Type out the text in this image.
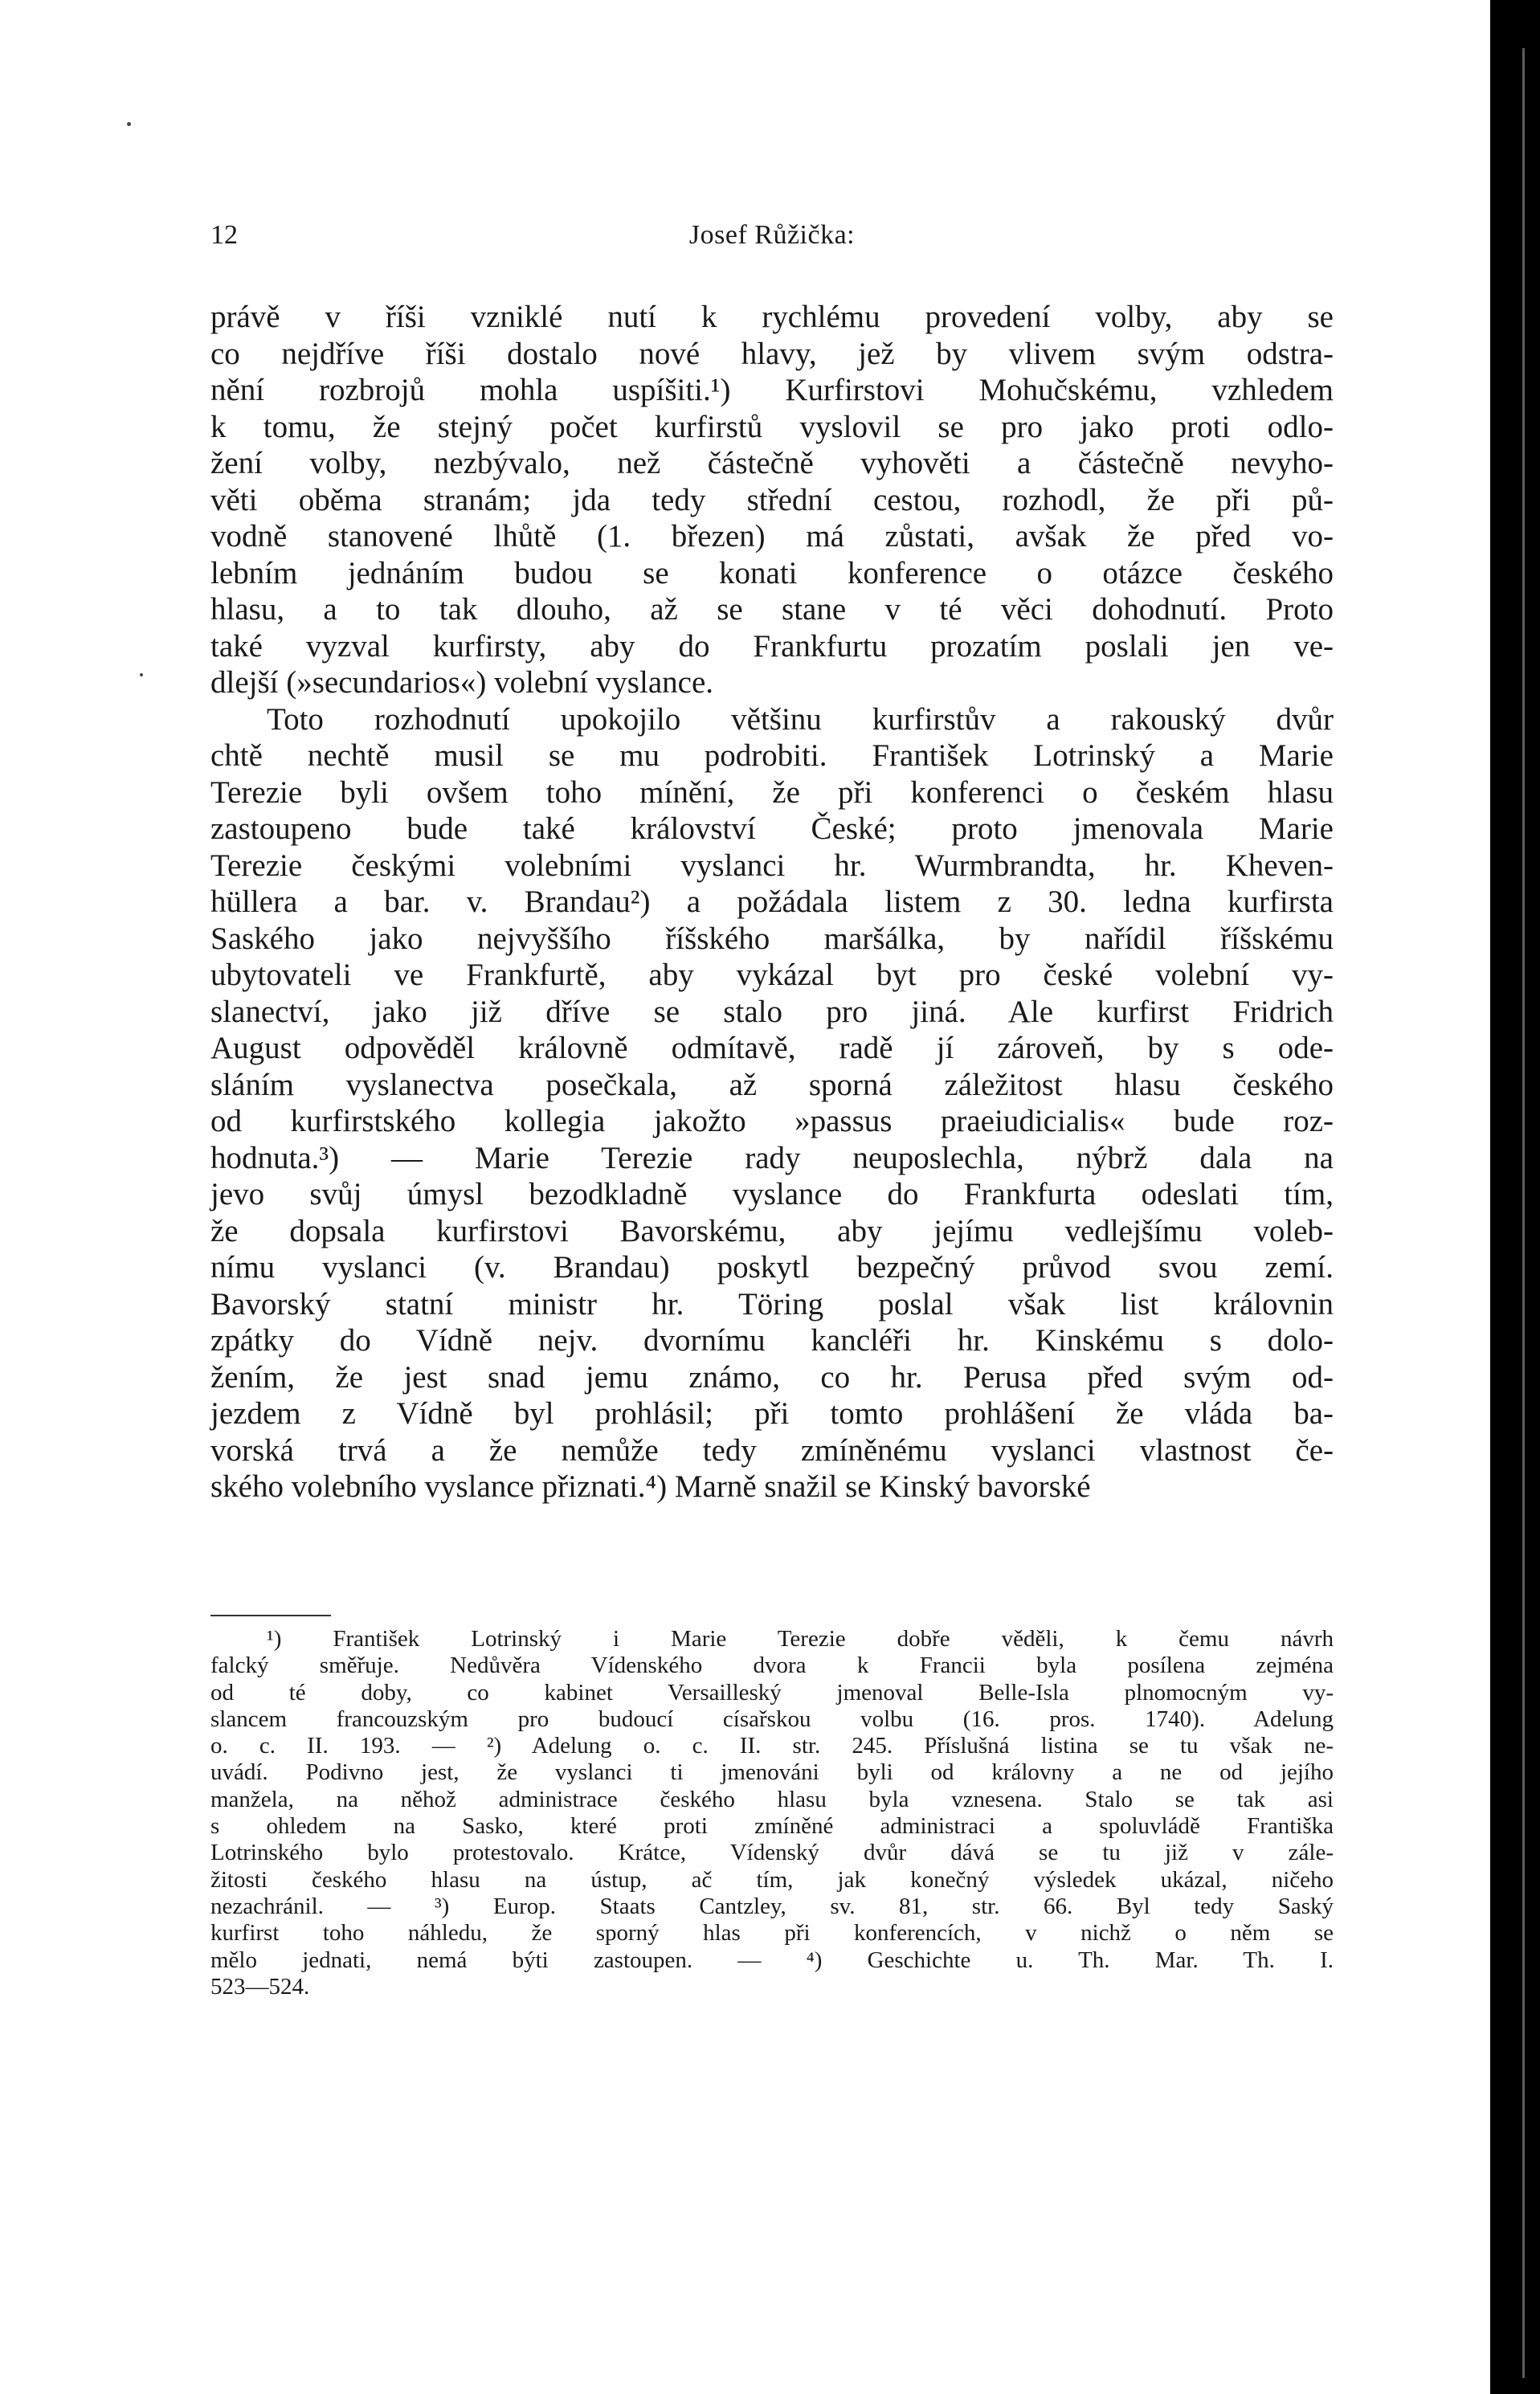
12	Josef Růžička:
právě v říši vzniklé nutí k rychlému provedení volby, aby se
co nejdříve říši dostalo nové hlavy, jež by vlivem svým odstra-
nění rozbrojů mohla uspíšiti.¹) Kurfirstovi Mohučskému, vzhledem
k tomu, že stejný počet kurfirstů vyslovil se pro jako proti odlo-
žení volby, nezbývalo, než částečně vyhověti a částečně nevyho-
věti oběma stranám; jda tedy střední cestou, rozhodl, že při pů-
vodně stanovené lhůtě (1. březen) má zůstati, avšak že před vo-
lebním jednáním budou se konati konference o otázce českého
hlasu, a to tak dlouho, až se stane v té věci dohodnutí. Proto
také vyzval kurfirsty, aby do Frankfurtu prozatím poslali jen ve-
dlejší (»secundarios«) volební vyslance.
Toto rozhodnutí upokojilo většinu kurfirstův a rakouský dvůr
chtě nechtě musil se mu podrobiti. František Lotrinský a Marie
Terezie byli ovšem toho mínění, že při konferenci o českém hlasu
zastoupeno bude také království České; proto jmenovala Marie
Terezie českými volebními vyslanci hr. Wurmbrandta, hr. Kheven-
hüllera a bar. v. Brandau²) a požádala listem z 30. ledna kurfirsta
Saského jako nejvyššího říšského maršálka, by nařídil říšskému
ubytovateli ve Frankfurtě, aby vykázal byt pro české volební vy-
slanectví, jako již dříve se stalo pro jiná. Ale kurfirst Fridrich
August odpověděl královně odmítavě, radě jí zároveň, by s ode-
sláním vyslanectva posečkala, až sporná záležitost hlasu českého
od kurfirstského kollegia jakožto »passus praeiudicialis« bude roz-
hodnuta.³) — Marie Terezie rady neuposlechla, nýbrž dala na
jevo svůj úmysl bezodkladně vyslance do Frankfurta odeslati tím,
že dopsala kurfirstovi Bavorskému, aby jejímu vedlejšímu voleb-
nímu vyslanci (v. Brandau) poskytl bezpečný průvod svou zemí.
Bavorský statní ministr hr. Töring poslal však list královnin
zpátky do Vídně nejv. dvornímu kancléři hr. Kinskému s dolo-
žením, že jest snad jemu známo, co hr. Perusa před svým od-
jezdem z Vídně byl prohlásil; při tomto prohlášení že vláda ba-
vorská trvá a že nemůže tedy zmíněnému vyslanci vlastnost če-
ského volebního vyslance přiznati.⁴) Marně snažil se Kinský bavorské
¹) František Lotrinský i Marie Terezie dobře věděli, k čemu návrh
falcký směřuje. Nedůvěra Vídenského dvora k Francii byla posílena zejména
od té doby, co kabinet Versailleský jmenoval Belle-Isla plnomocným vy-
slancem francouzským pro budoucí císařskou volbu (16. pros. 1740). Adelung
o. c. II. 193. — ²) Adelung o. c. II. str. 245. Příslušná listina se tu však ne-
uvádí. Podivno jest, že vyslanci ti jmenováni byli od královny a ne od jejího
manžela, na něhož administrace českého hlasu byla vznesena. Stalo se tak asi
s ohledem na Sasko, které proti zmíněné administraci a spoluvládě Františka
Lotrinského bylo protestovalo. Krátce, Vídenský dvůr dává se tu již v zále-
žitosti českého hlasu na ústup, ač tím, jak konečný výsledek ukázal, ničeho
nezachránil. — ³) Europ. Staats Cantzley, sv. 81, str. 66. Byl tedy Saský
kurfirst toho náhledu, že sporný hlas při konferencích, v nichž o něm se
mělo jednati, nemá býti zastoupen. — ⁴) Geschichte u. Th. Mar. Th. I.
523—524.
